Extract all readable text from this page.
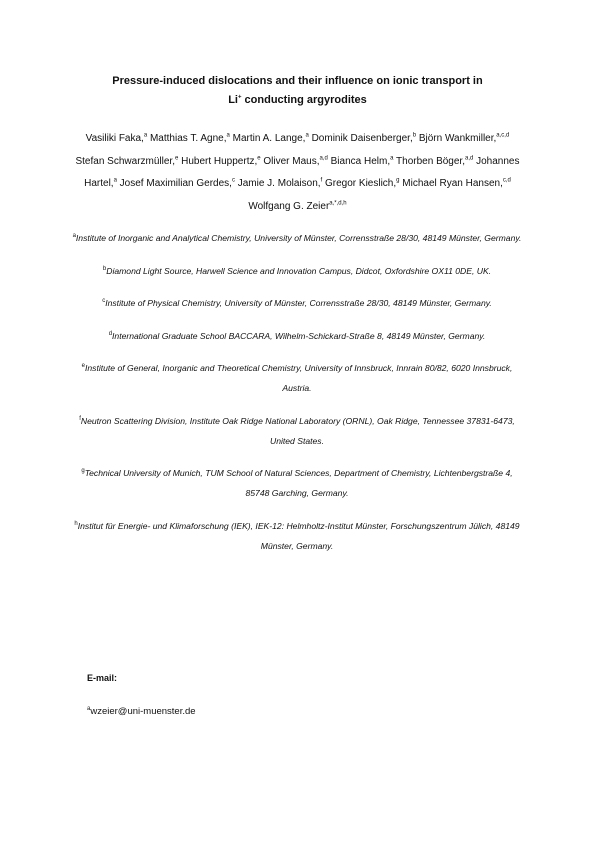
Pressure-induced dislocations and their influence on ionic transport in
Li+ conducting argyrodites
Vasiliki Faka,$^a$ Matthias T. Agne,$^a$ Martin A. Lange,$^a$ Dominik Daisenberger,$^b$ Björn Wankmiller,$^{a,c,d}$ Stefan Schwarzmüller,$^e$ Hubert Huppertz,$^e$ Oliver Maus,$^{a,d}$ Bianca Helm,$^a$ Thorben Böger,$^{a,d}$ Johannes Hartel,$^a$ Josef Maximilian Gerdes,$^c$ Jamie J. Molaison,$^f$ Gregor Kieslich,$^g$ Michael Ryan Hansen,$^{c,d}$ Wolfgang G. Zeier$^{a,*,d,h}$
$^a$Institute of Inorganic and Analytical Chemistry, University of Münster, Corrensstraße 28/30, 48149 Münster, Germany.
$^b$Diamond Light Source, Harwell Science and Innovation Campus, Didcot, Oxfordshire OX11 0DE, UK.
$^c$Institute of Physical Chemistry, University of Münster, Corrensstraße 28/30, 48149 Münster, Germany.
$^d$International Graduate School BACCARA, Wilhelm-Schickard-Straße 8, 48149 Münster, Germany.
$^e$Institute of General, Inorganic and Theoretical Chemistry, University of Innsbruck, Innrain 80/82, 6020 Innsbruck, Austria.
$^f$Neutron Scattering Division, Institute Oak Ridge National Laboratory (ORNL), Oak Ridge, Tennessee 37831-6473, United States.
$^g$Technical University of Munich, TUM School of Natural Sciences, Department of Chemistry, Lichtenbergstraße 4, 85748 Garching, Germany.
$^h$Institut für Energie- und Klimaforschung (IEK), IEK-12: Helmholtz-Institut Münster, Forschungszentrum Jülich, 48149 Münster, Germany.
E-mail:
$^a$wzeier@uni-muenster.de
